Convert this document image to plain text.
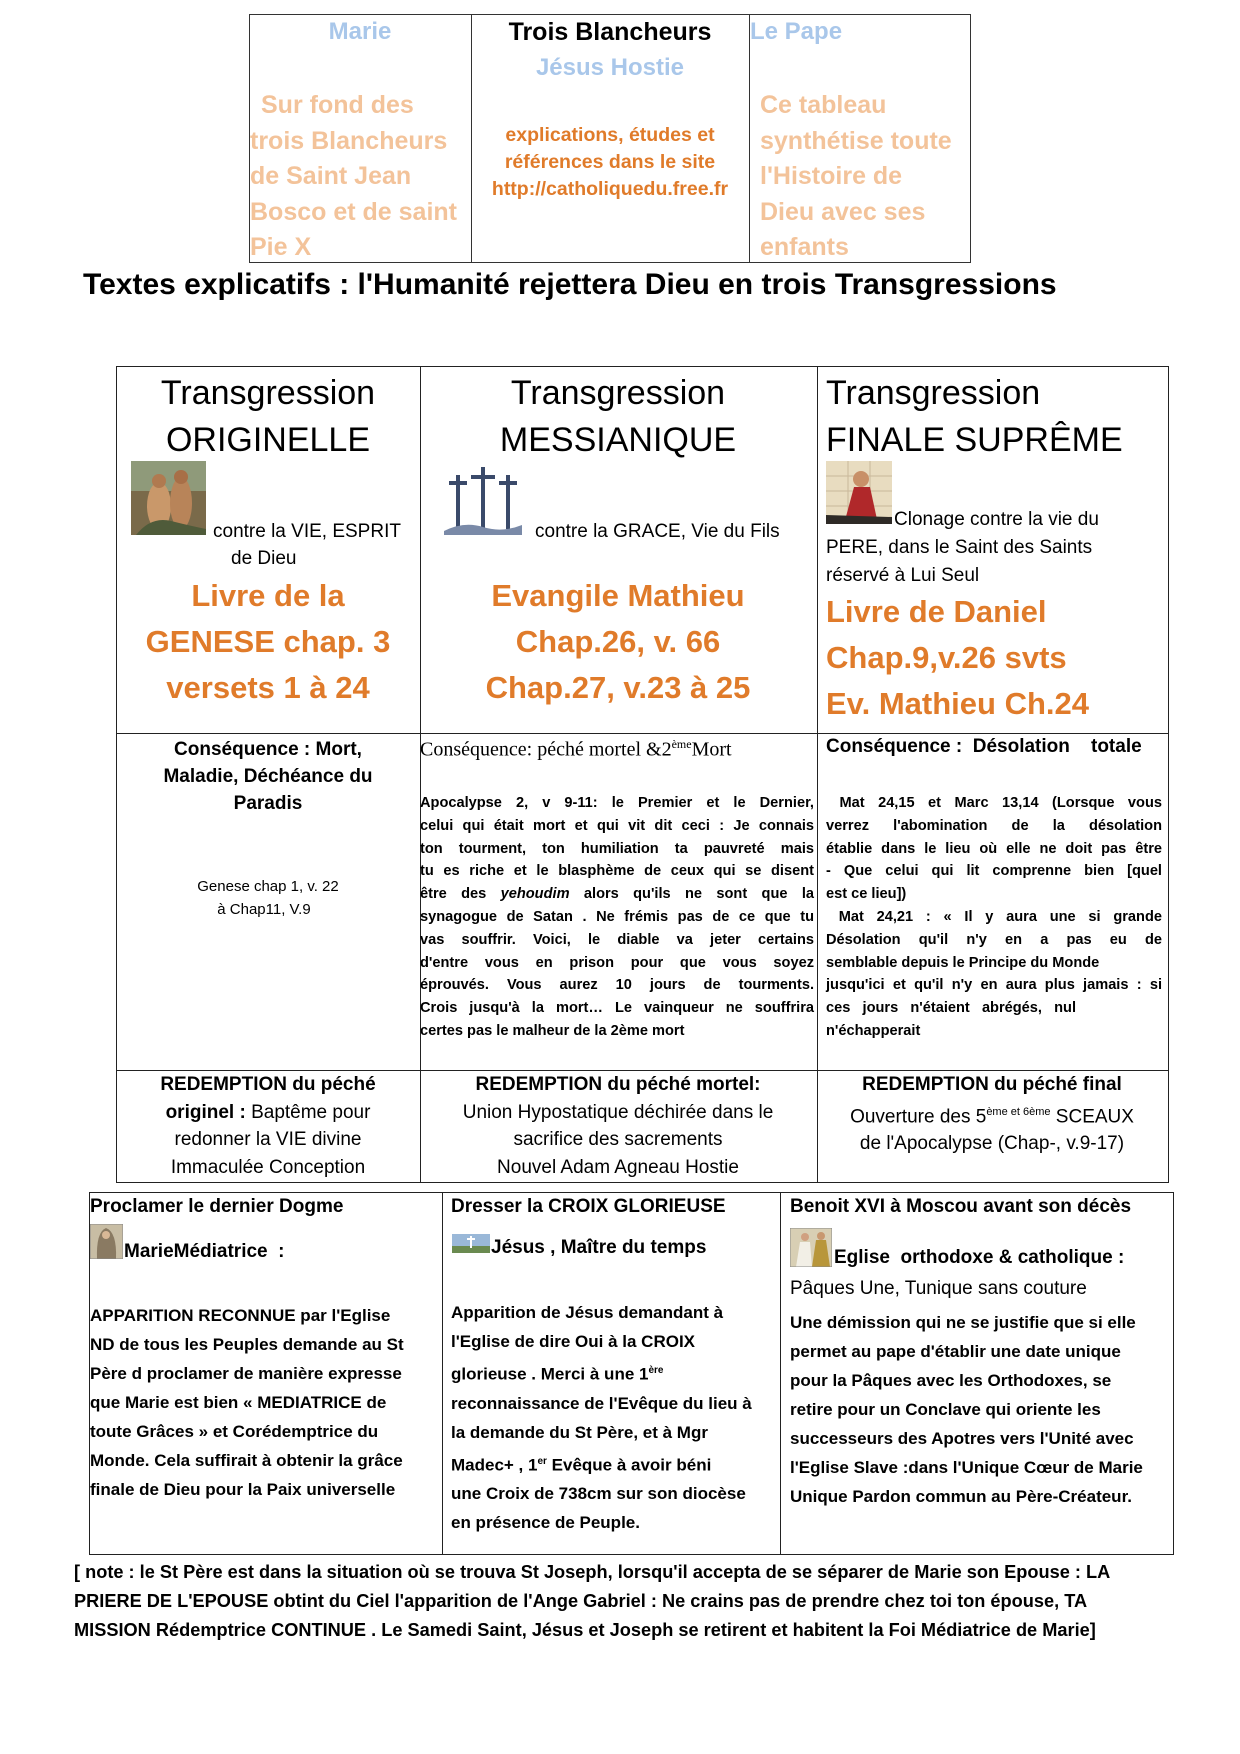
Marie
Sur fond des
trois Blancheurs
de Saint Jean
Bosco et de saint
Pie X
Trois Blancheurs
Jésus Hostie
explications, études et
références dans le site
http://catholiquedu.free.fr
Le Pape
Ce tableau
synthétise toute
l'Histoire de
Dieu avec ses
enfants
Textes explicatifs : l'Humanité rejettera Dieu en trois Transgressions
Transgression
ORIGINELLE
contre la VIE, ESPRIT
de Dieu
Livre de la
GENESE chap. 3
versets 1 à 24
Transgression
MESSIANIQUE
contre la GRACE, Vie du Fils
Evangile Mathieu
Chap.26, v. 66
Chap.27, v.23 à 25
Transgression
FINALE SUPRÊME
Clonage contre la vie du
PERE, dans le Saint des Saints
réservé à Lui Seul
Livre de Daniel
Chap.9,v.26 svts
Ev. Mathieu Ch.24
Conséquence : Mort,
Maladie, Déchéance du
Paradis
Genese chap 1, v. 22
à Chap11, V.9
Conséquence: péché mortel &2èmeMort
Apocalypse 2, v 9-11: le Premier et le Dernier,
celui qui était mort et qui vit dit ceci : Je connais
ton tourment, ton humiliation ta pauvreté mais
tu es riche et le blasphème de ceux qui se disent
être des yehoudim alors qu'ils ne sont que la
synagogue de Satan . Ne frémis pas de ce que tu
vas souffrir. Voici, le diable va jeter certains
d'entre vous en prison pour que vous soyez
éprouvés. Vous aurez 10 jours de tourments.
Crois jusqu'à la mort… Le vainqueur ne souffrira
certes pas le malheur de la 2ème mort
Conséquence :  Désolation    totale
Mat 24,15 et Marc 13,14 (Lorsque vous
verrez l'abomination de la désolation
établie dans le lieu où elle ne doit pas être
- Que celui qui lit comprenne bien [quel
est ce lieu])
Mat 24,21 : « Il y aura une si grande
Désolation qu'il n'y en a pas eu de
semblable depuis le Principe du Monde
jusqu'ici et qu'il n'y en aura plus jamais : si
ces   jours   n'étaient   abrégés,   nul
n'échapperait
REDEMPTION du péché
originel : Baptême pour
redonner la VIE divine
Immaculée Conception
REDEMPTION du péché mortel:
Union Hypostatique déchirée dans le
sacrifice des sacrements
Nouvel Adam Agneau Hostie
REDEMPTION du péché final
Ouverture des $5^{ème et 6ème}$ SCEAUX
de l'Apocalypse (Chap-, v.9-17)
Proclamer le dernier Dogme
MarieMédiatrice  :
APPARITION RECONNUE par l'Eglise
ND de tous les Peuples demande au St
Père d proclamer de manière expresse
que Marie est bien « MEDIATRICE de
toute Grâces » et Corédemptrice du
Monde. Cela suffirait à obtenir la grâce
finale de Dieu pour la Paix universelle
Dresser la CROIX GLORIEUSE
Jésus , Maître du temps
Apparition de Jésus demandant à
l'Eglise de dire Oui à la CROIX
glorieuse . Merci à une 1ère
reconnaissance de l'Evêque du lieu à
la demande du St Père, et à Mgr
Madec+ , 1er Evêque à avoir béni
une Croix de 738cm sur son diocèse
en présence de Peuple.
Benoit XVI à Moscou avant son décès
Eglise  orthodoxe & catholique :
Pâques Une, Tunique sans couture
Une démission qui ne se justifie que si elle
permet au pape d'établir une date unique
pour la Pâques avec les Orthodoxes, se
retire pour un Conclave qui oriente les
successeurs des Apotres vers l'Unité avec
l'Eglise Slave :dans l'Unique Cœur de Marie
Unique Pardon commun au Père-Créateur.
[ note : le St Père est dans la situation où se trouva St Joseph, lorsqu'il accepta de se séparer de Marie son Epouse : LA
PRIERE DE L'EPOUSE obtint du Ciel l'apparition de l'Ange Gabriel : Ne crains pas de prendre chez toi ton épouse, TA
MISSION Rédemptrice CONTINUE . Le Samedi Saint, Jésus et Joseph se retirent et habitent la Foi Médiatrice de Marie]
